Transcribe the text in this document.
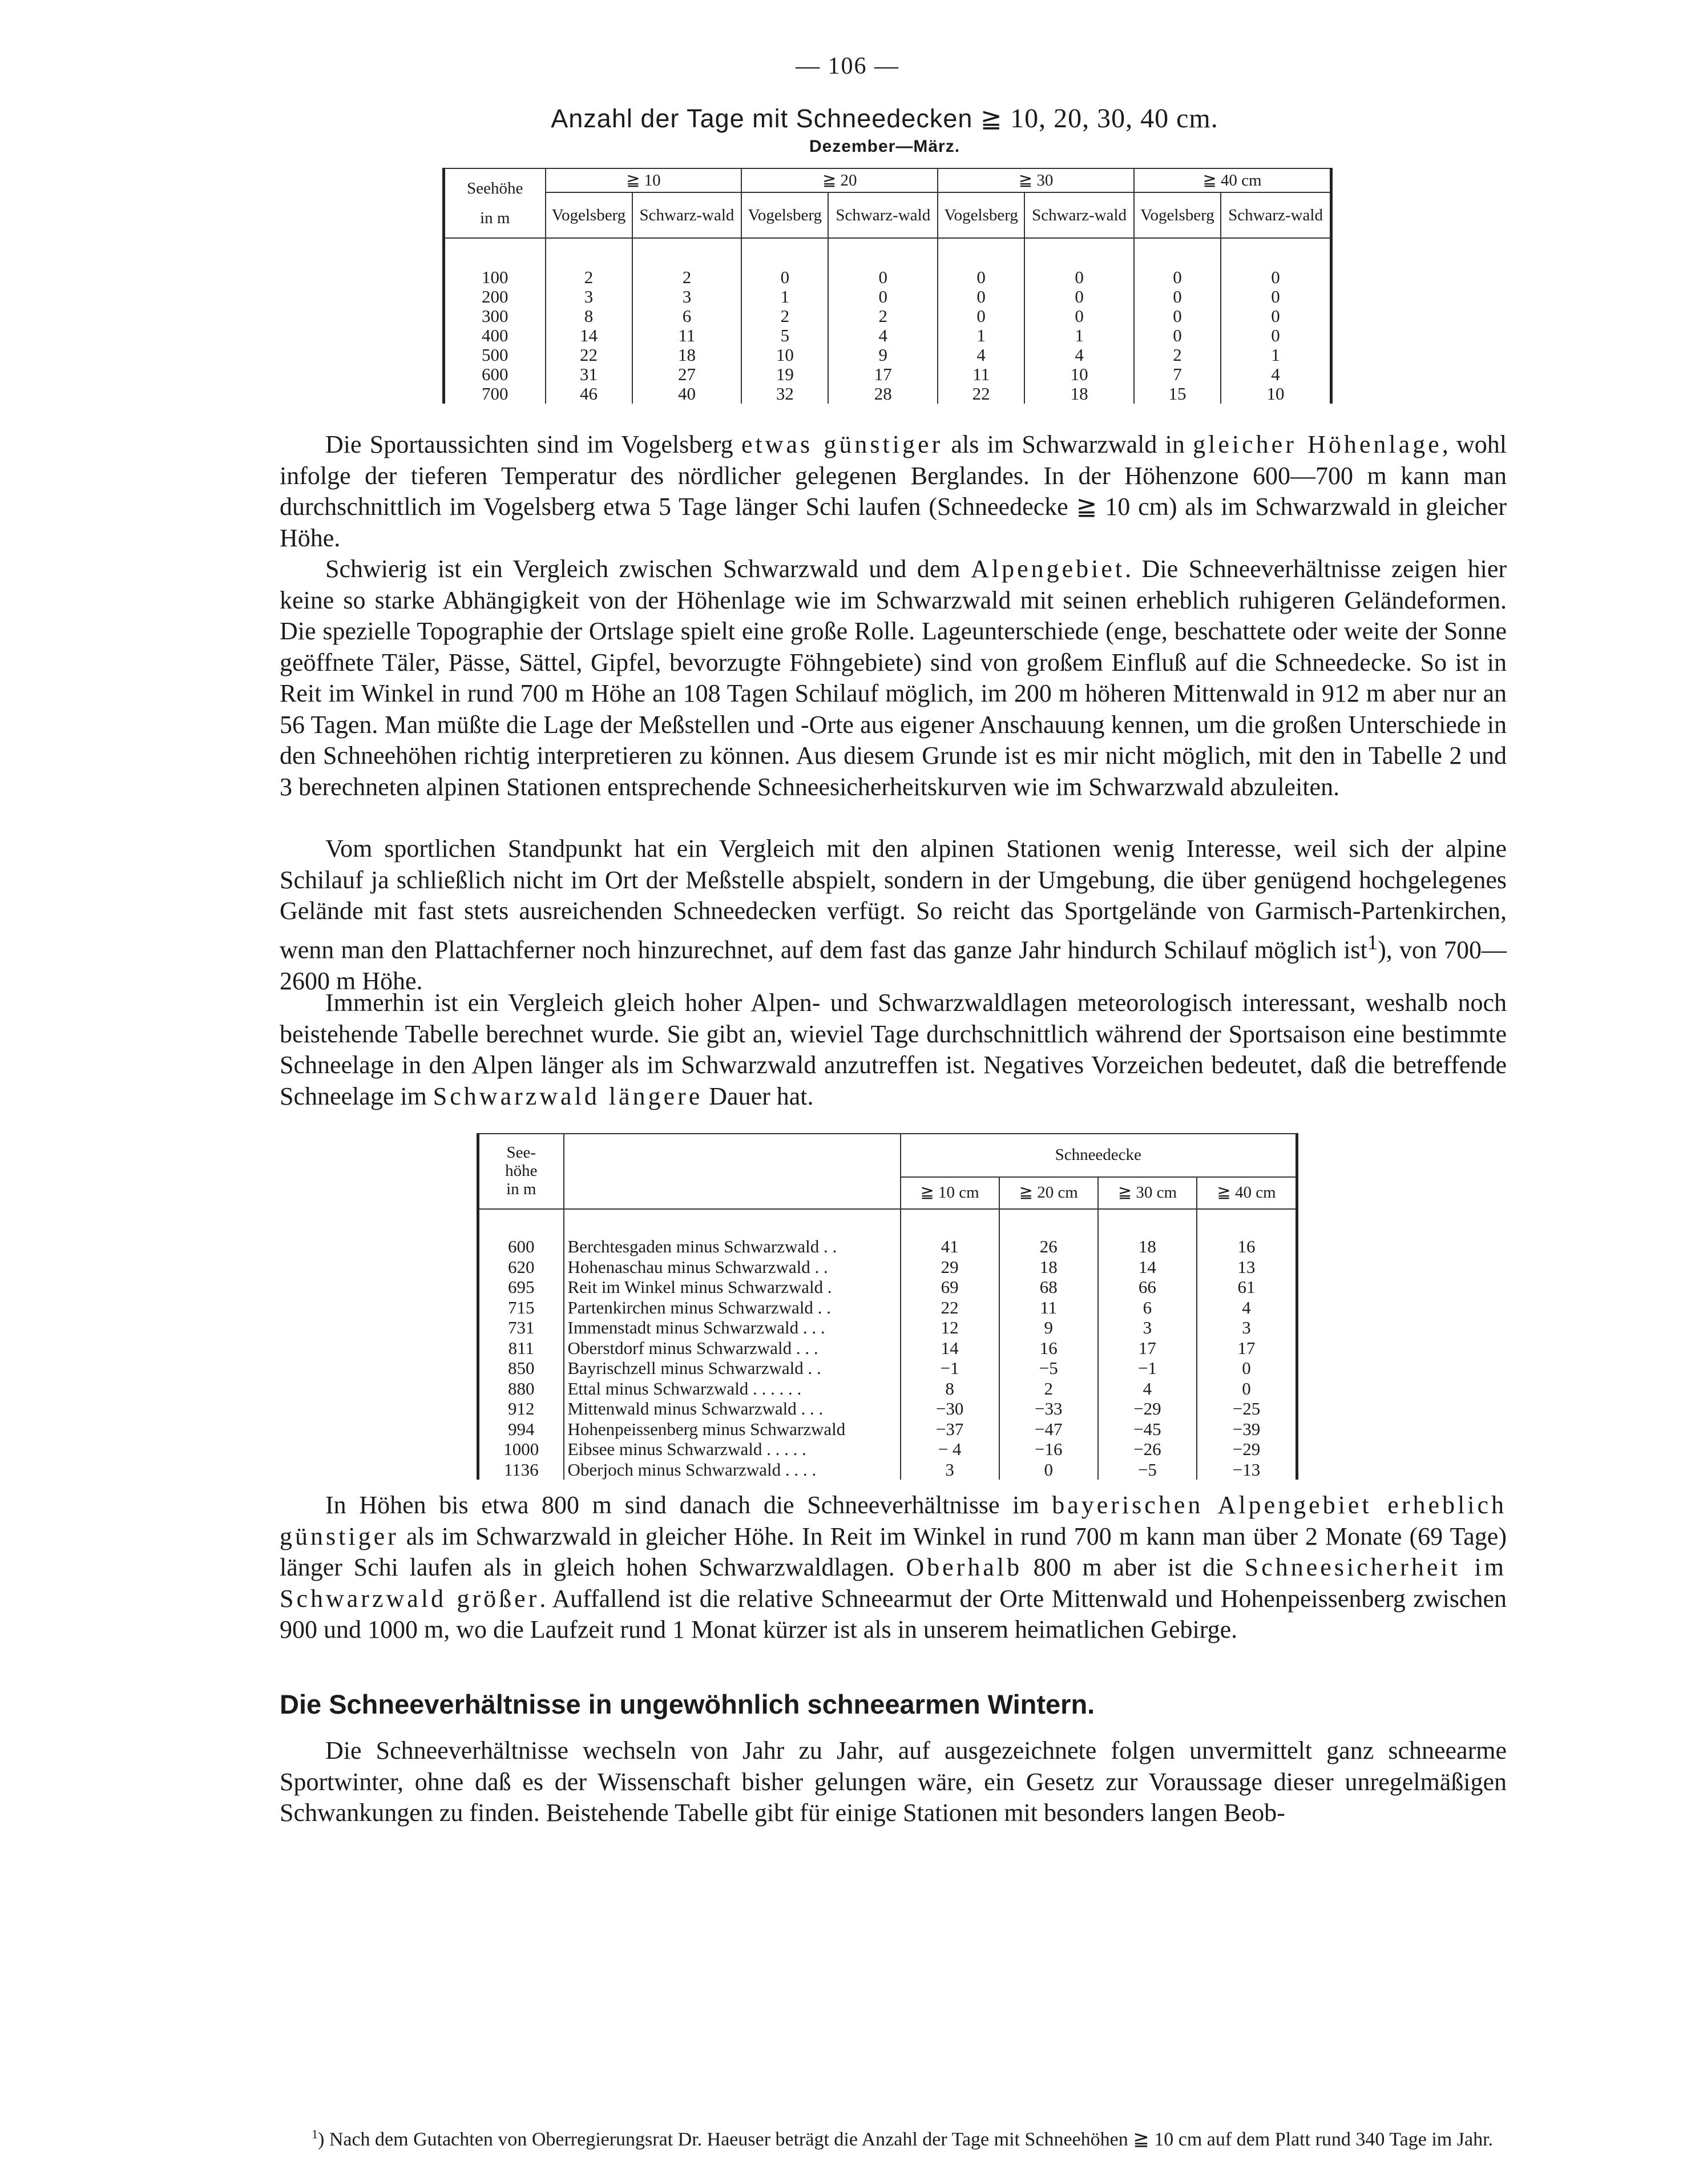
— 106 —
Anzahl der Tage mit Schneedecken ≧ 10, 20, 30, 40 cm.
Dezember—März.
Seehöhe
in m	≧ 10		≧ 20		≧ 30		≧ 40 cm	
	Vogelsberg	Schwarz-wald	Vogelsberg	Schwarz-wald	Vogelsberg	Schwarz-wald	Vogelsberg	Schwarz-wald

100	2	2	0	0	0	0	0	0
200	3	3	1	0	0	0	0	0
300	8	6	2	2	0	0	0	0
400	14	11	5	4	1	1	0	0
500	22	18	10	9	4	4	2	1
600	31	27	19	17	11	10	7	4
700	46	40	32	28	22	18	15	10
Die Sportaussichten sind im Vogelsberg etwas günstiger als im Schwarzwald in gleicher Höhenlage, wohl infolge der tieferen Temperatur des nördlicher gelegenen Berglandes. In der Höhenzone 600—700 m kann man durchschnittlich im Vogelsberg etwa 5 Tage länger Schi laufen (Schneedecke ≧ 10 cm) als im Schwarzwald in gleicher Höhe.
Schwierig ist ein Vergleich zwischen Schwarzwald und dem Alpengebiet. Die Schneeverhältnisse zeigen hier keine so starke Abhängigkeit von der Höhenlage wie im Schwarzwald mit seinen erheblich ruhigeren Geländeformen. Die spezielle Topographie der Ortslage spielt eine große Rolle. Lageunterschiede (enge, beschattete oder weite der Sonne geöffnete Täler, Pässe, Sättel, Gipfel, bevorzugte Föhngebiete) sind von großem Einfluß auf die Schneedecke. So ist in Reit im Winkel in rund 700 m Höhe an 108 Tagen Schilauf möglich, im 200 m höheren Mittenwald in 912 m aber nur an 56 Tagen. Man müßte die Lage der Meßstellen und -Orte aus eigener Anschauung kennen, um die großen Unterschiede in den Schneehöhen richtig interpretieren zu können. Aus diesem Grunde ist es mir nicht möglich, mit den in Tabelle 2 und 3 berechneten alpinen Stationen entsprechende Schneesicherheitskurven wie im Schwarzwald abzuleiten.
Vom sportlichen Standpunkt hat ein Vergleich mit den alpinen Stationen wenig Interesse, weil sich der alpine Schilauf ja schließlich nicht im Ort der Meßstelle abspielt, sondern in der Umgebung, die über genügend hochgelegenes Gelände mit fast stets ausreichenden Schneedecken verfügt. So reicht das Sportgelände von Garmisch-Partenkirchen, wenn man den Plattachferner noch hinzurechnet, auf dem fast das ganze Jahr hindurch Schilauf möglich ist$^1$), von 700—2600 m Höhe.
Immerhin ist ein Vergleich gleich hoher Alpen- und Schwarzwaldlagen meteorologisch interessant, weshalb noch beistehende Tabelle berechnet wurde. Sie gibt an, wieviel Tage durchschnittlich während der Sportsaison eine bestimmte Schneelage in den Alpen länger als im Schwarzwald anzutreffen ist. Negatives Vorzeichen bedeutet, daß die betreffende Schneelage im Schwarzwald längere Dauer hat.
See-
höhe
in m		Schneedecke			
		≧ 10 cm	≧ 20 cm	≧ 30 cm	≧ 40 cm

600	Berchtesgaden minus Schwarzwald . .	41	26	18	16
620	Hohenaschau minus Schwarzwald . .	29	18	14	13
695	Reit im Winkel minus Schwarzwald .	69	68	66	61
715	Partenkirchen minus Schwarzwald . .	22	11	6	4
731	Immenstadt minus Schwarzwald . . .	12	9	3	3
811	Oberstdorf minus Schwarzwald . . .	14	16	17	17
850	Bayrischzell minus Schwarzwald . .	−1	−5	−1	0
880	Ettal minus Schwarzwald . . . . . .	8	2	4	0
912	Mittenwald minus Schwarzwald . . .	−30	−33	−29	−25
994	Hohenpeissenberg minus Schwarzwald	−37	−47	−45	−39
1000	Eibsee minus Schwarzwald . . . . .	− 4	−16	−26	−29
1136	Oberjoch minus Schwarzwald . . . .	3	0	−5	−13
In Höhen bis etwa 800 m sind danach die Schneeverhältnisse im bayerischen Alpengebiet erheblich günstiger als im Schwarzwald in gleicher Höhe. In Reit im Winkel in rund 700 m kann man über 2 Monate (69 Tage) länger Schi laufen als in gleich hohen Schwarzwaldlagen. Oberhalb 800 m aber ist die Schneesicherheit im Schwarzwald größer. Auffallend ist die relative Schneearmut der Orte Mittenwald und Hohenpeissenberg zwischen 900 und 1000 m, wo die Laufzeit rund 1 Monat kürzer ist als in unserem heimatlichen Gebirge.
Die Schneeverhältnisse in ungewöhnlich schneearmen Wintern.
Die Schneeverhältnisse wechseln von Jahr zu Jahr, auf ausgezeichnete folgen unvermittelt ganz schneearme Sportwinter, ohne daß es der Wissenschaft bisher gelungen wäre, ein Gesetz zur Voraussage dieser unregelmäßigen Schwankungen zu finden. Beistehende Tabelle gibt für einige Stationen mit besonders langen Beob-
$^1$) Nach dem Gutachten von Oberregierungsrat Dr. Haeuser beträgt die Anzahl der Tage mit Schneehöhen ≧ 10 cm auf dem Platt rund 340 Tage im Jahr.
